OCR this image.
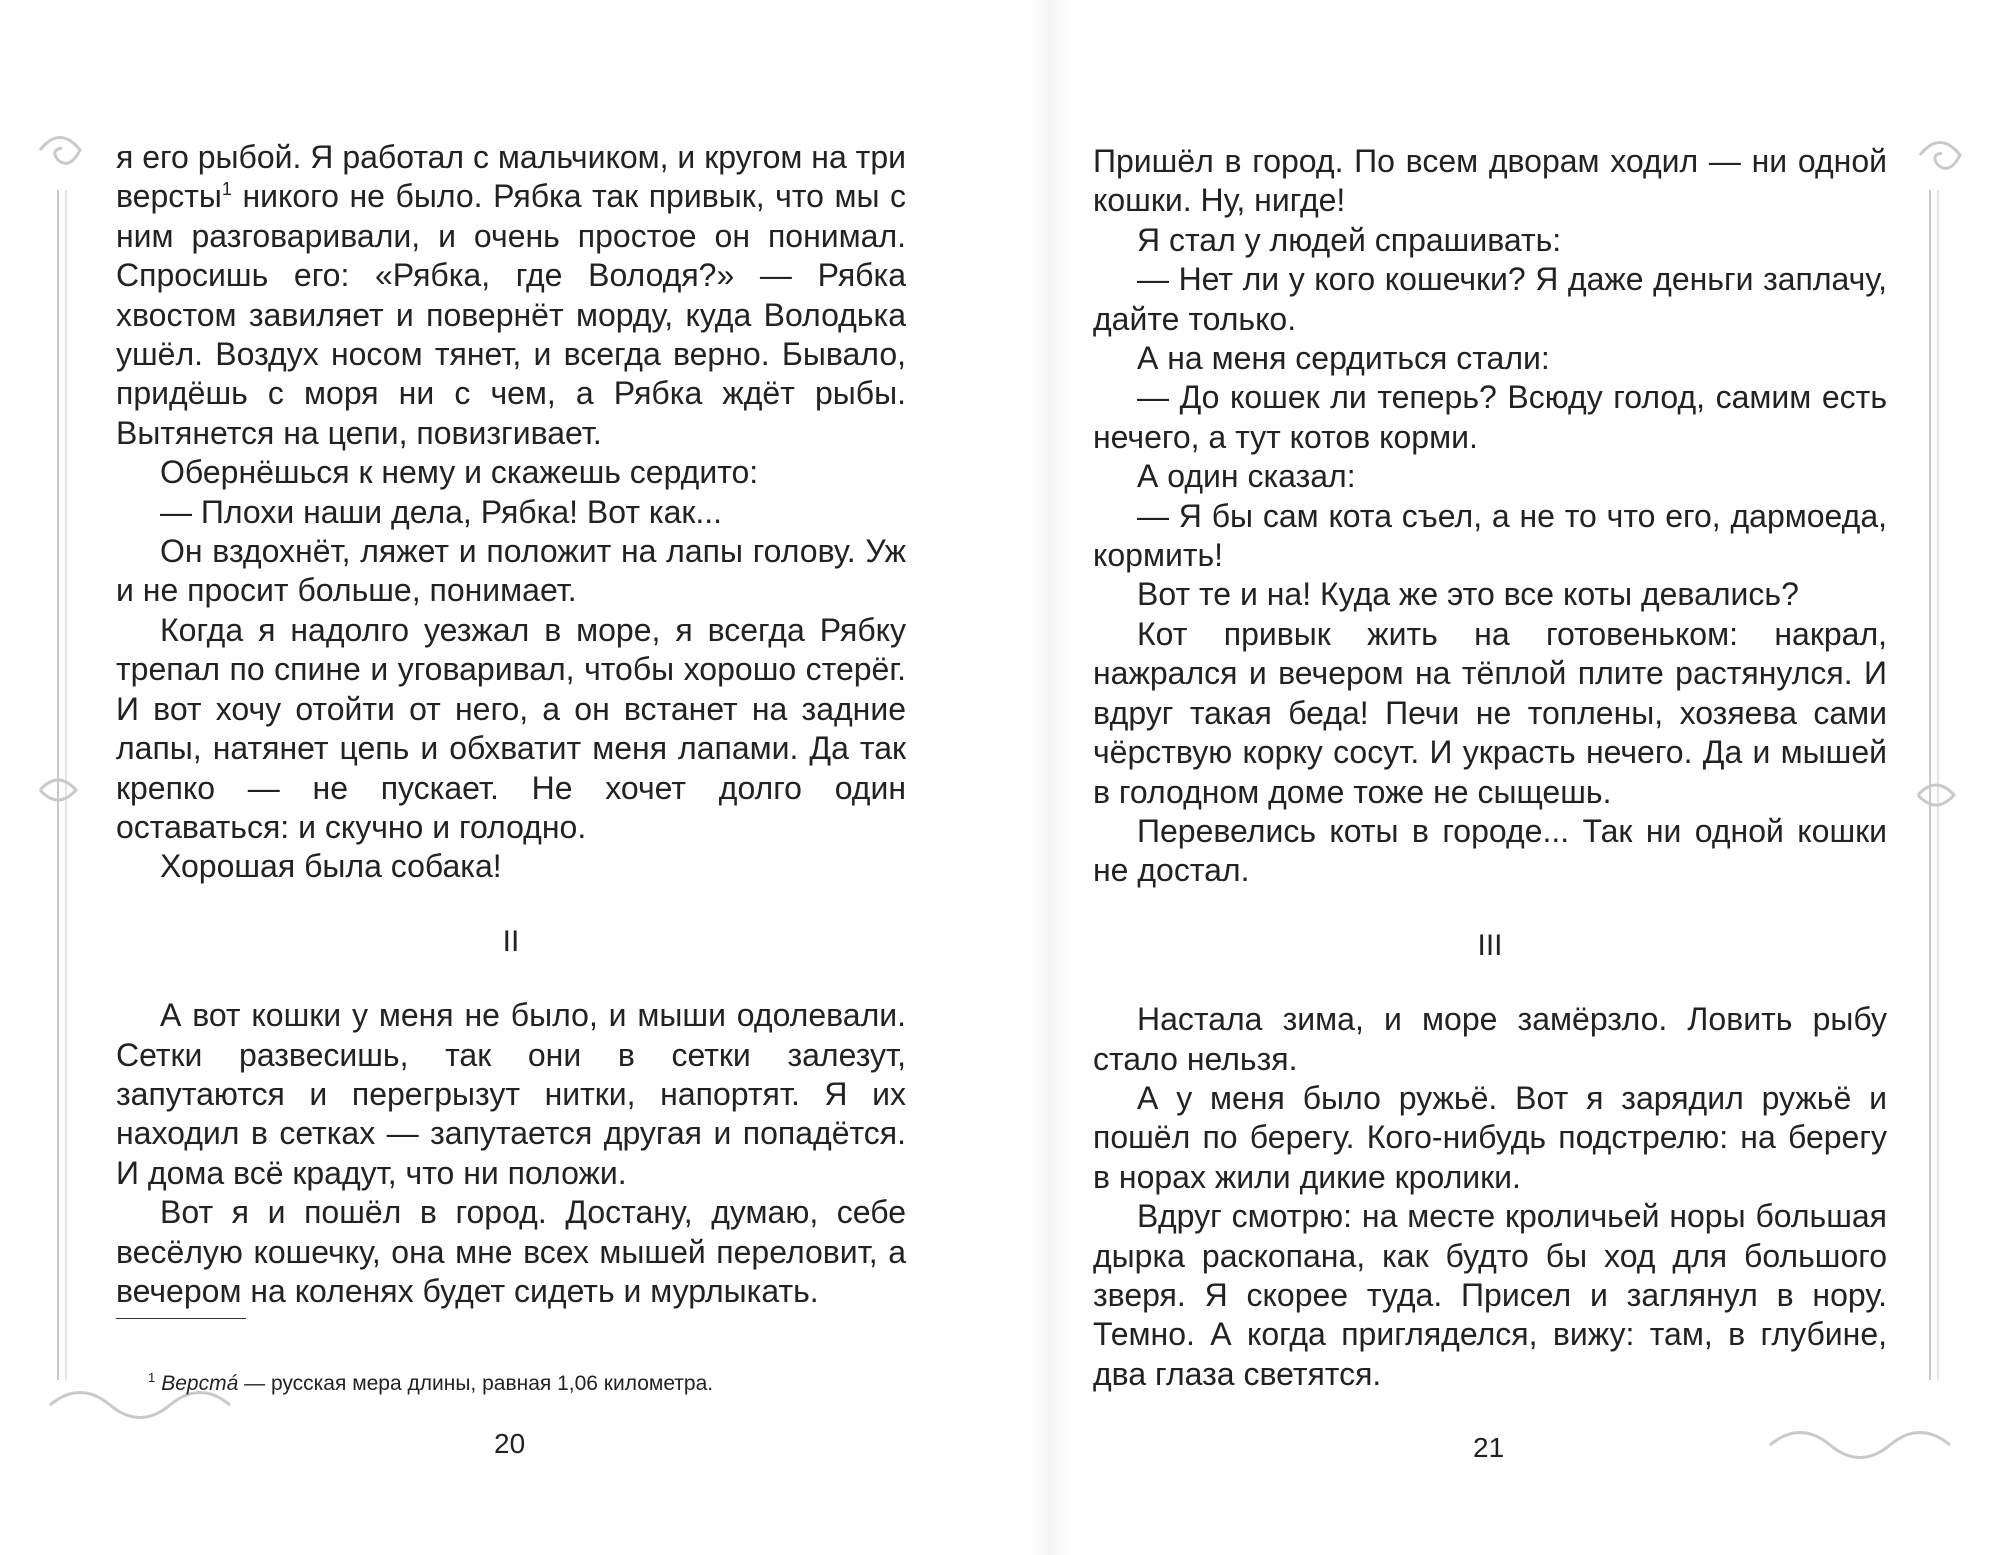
я его рыбой. Я работал с мальчиком, и кругом на три версты$^1$ никого не было. Рябка так привык, что мы с ним разговаривали, и очень простое он понимал. Спросишь его: «Рябка, где Володя?» — Рябка хвостом завиляет и повернёт морду, куда Володька ушёл. Воздух носом тянет, и всегда верно. Бывало, придёшь с моря ни с чем, а Рябка ждёт рыбы. Вытянется на цепи, повизгивает.

Обернёшься к нему и скажешь сердито:

— Плохи наши дела, Рябка! Вот как...

Он вздохнёт, ляжет и положит на лапы голову. Уж и не просит больше, понимает.

Когда я надолго уезжал в море, я всегда Рябку трепал по спине и уговаривал, чтобы хорошо стерёг. И вот хочу отойти от него, а он встанет на задние лапы, натянет цепь и обхватит меня лапами. Да так крепко — не пускает. Не хочет долго один оставаться: и скучно и голодно.

Хорошая была собака!

II

А вот кошки у меня не было, и мыши одолевали. Сетки развесишь, так они в сетки залезут, запутаются и перегрызут нитки, напортят. Я их находил в сетках — запутается другая и попадётся. И дома всё крадут, что ни положи.

Вот я и пошёл в город. Достану, думаю, себе весёлую кошечку, она мне всех мышей переловит, а вечером на коленях будет сидеть и мурлыкать.

$^1$ Верстá — русская мера длины, равная 1,06 километра.
20

Пришёл в город. По всем дворам ходил — ни одной кошки. Ну, нигде!

Я стал у людей спрашивать:

— Нет ли у кого кошечки? Я даже деньги заплачу, дайте только.

А на меня сердиться стали:

— До кошек ли теперь? Всюду голод, самим есть нечего, а тут котов корми.

А один сказал:

— Я бы сам кота съел, а не то что его, дармоеда, кормить!

Вот те и на! Куда же это все коты девались?

Кот привык жить на готовеньком: накрал, нажрался и вечером на тёплой плите растянулся. И вдруг такая беда! Печи не топлены, хозяева сами чёрствую корку сосут. И украсть нечего. Да и мышей в голодном доме тоже не сыщешь.

Перевелись коты в городе... Так ни одной кошки не достал.

III

Настала зима, и море замёрзло. Ловить рыбу стало нельзя.

А у меня было ружьё. Вот я зарядил ружьё и пошёл по берегу. Кого-нибудь подстрелю: на берегу в норах жили дикие кролики.

Вдруг смотрю: на месте кроличьей норы большая дырка раскопана, как будто бы ход для большого зверя. Я скорее туда. Присел и заглянул в нору. Темно. А когда пригляделся, вижу: там, в глубине, два глаза светятся.

21
